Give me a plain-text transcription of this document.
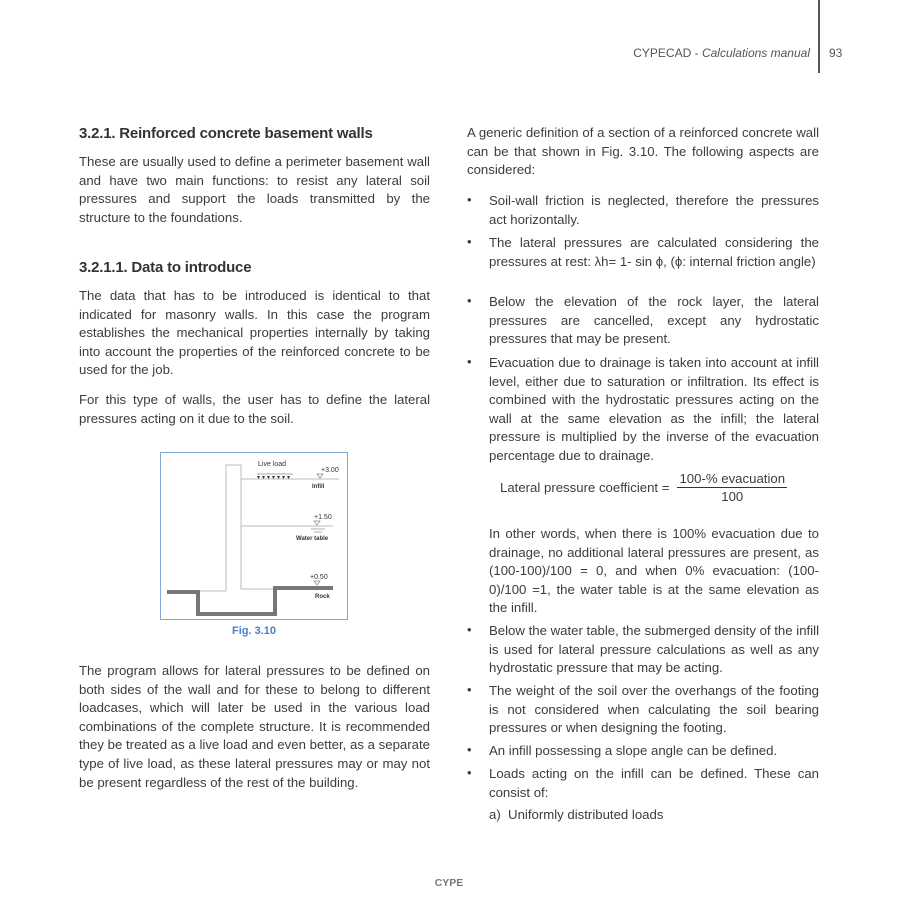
CYPECAD - Calculations manual 93
3.2.1. Reinforced concrete basement walls

These are usually used to define a perimeter basement wall and have two main functions: to resist any lateral soil pressures and support the loads transmitted by the structure to the foundations.

3.2.1.1. Data to introduce

The data that has to be introduced is identical to that indicated for masonry walls. In this case the program establishes the mechanical properties internally by taking into account the properties of the reinforced concrete to be used for the job.

For this type of walls, the user has to define the lateral pressures acting on it due to the soil.

Live load
+3.00
Infill
+1.50
Water table
+0.50
Rock
Fig. 3.10

The program allows for lateral pressures to be defined on both sides of the wall and for these to belong to different loadcases, which will later be used in the various load combinations of the complete structure. It is recommended they be treated as a live load and even better, as a separate type of live load, as these lateral pressures may or may not be present regardless of the rest of the building.

A generic definition of a section of a reinforced concrete wall can be that shown in Fig. 3.10. The following aspects are considered:

• Soil-wall friction is neglected, therefore the pressures act horizontally.

• The lateral pressures are calculated considering the pressures at rest: λh= 1- sin ϕ, (ϕ: internal friction angle)

• Below the elevation of the rock layer, the lateral pressures are cancelled, except any hydrostatic pressures that may be present.

• Evacuation due to drainage is taken into account at infill level, either due to saturation or infiltration. Its effect is combined with the hydrostatic pressures acting on the wall at the same elevation as the infill; the lateral pressure is multiplied by the inverse of the evacuation percentage due to drainage.

Lateral pressure coefficient = $\frac{\text{100-\% evacuation}}{100}$

In other words, when there is 100% evacuation due to drainage, no additional lateral pressures are present, as (100-100)/100 = 0, and when 0% evacuation: (100-0)/100 =1, the water table is at the same elevation as the infill.

• Below the water table, the submerged density of the infill is used for lateral pressure calculations as well as any hydrostatic pressure that may be acting.

• The weight of the soil over the overhangs of the footing is not considered when calculating the soil bearing pressures or when designing the footing.

• An infill possessing a slope angle can be defined.

• Loads acting on the infill can be defined. These can consist of:

a)  Uniformly distributed loads

CYPE
